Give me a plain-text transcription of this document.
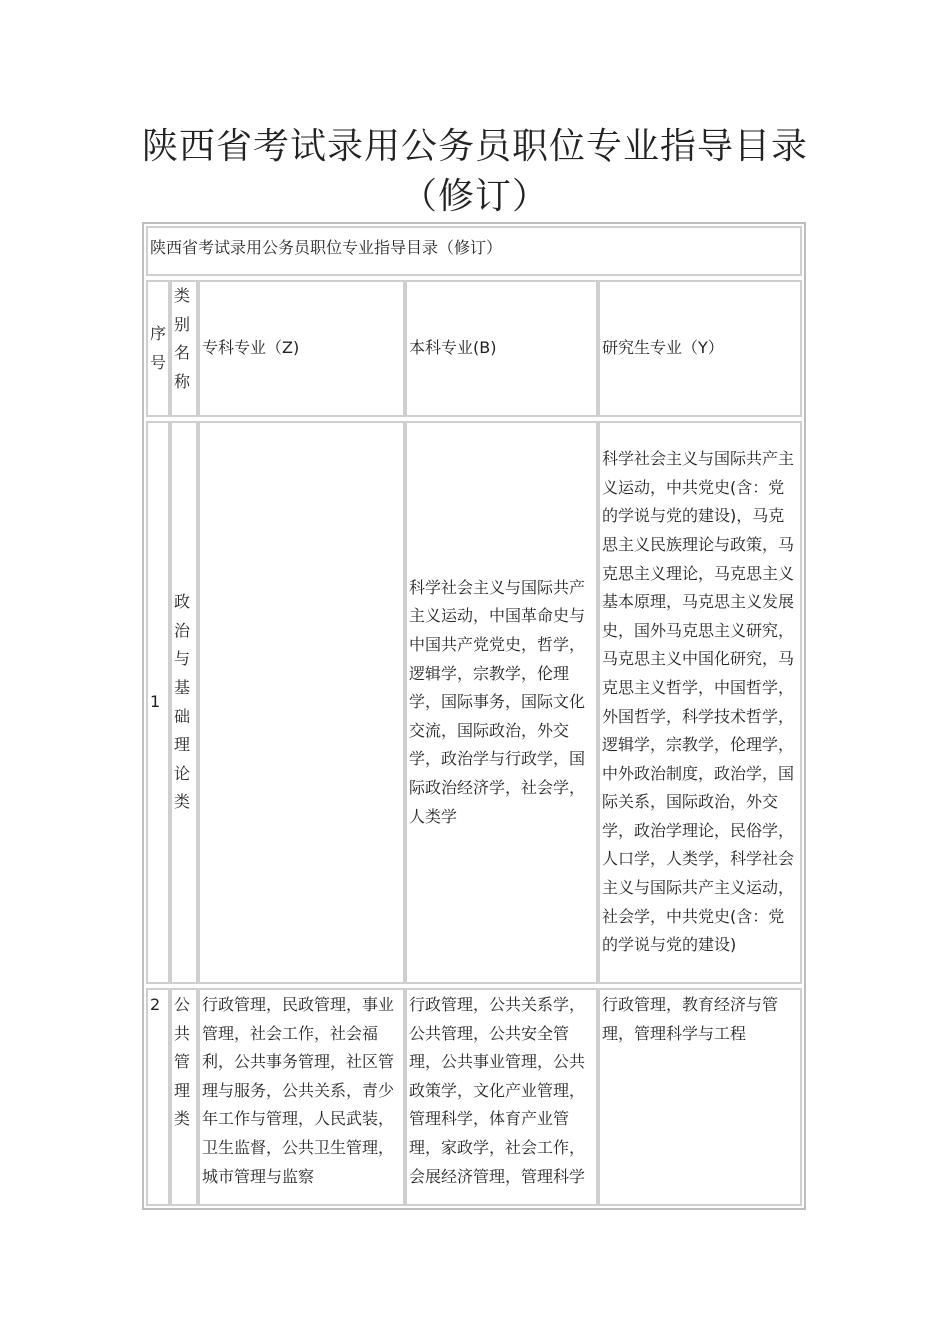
陕西省考试录用公务员职位专业指导目录
（修订）
陕西省考试录用公务员职位专业指导目录（修订）
序号
类别名称
专科专业（Z)	本科专业(B)	研究生专业（Y）
1
政治与基础理论类
科学社会主义与国际共产主义运动，中国革命史与中国共产党党史，哲学，逻辑学，宗教学，伦理学，国际事务，国际文化交流，国际政治，外交学，政治学与行政学，国际政治经济学，社会学，人类学
科学社会主义与国际共产主义运动，中共党史(含：党的学说与党的建设)，马克思主义民族理论与政策，马克思主义理论，马克思主义基本原理，马克思主义发展史，国外马克思主义研究，马克思主义中国化研究，马克思主义哲学，中国哲学，外国哲学，科学技术哲学，逻辑学，宗教学，伦理学，中外政治制度，政治学，国际关系，国际政治，外交学，政治学理论，民俗学，人口学，人类学，科学社会主义与国际共产主义运动，社会学，中共党史(含：党的学说与党的建设)
2 公共管理类
行政管理，民政管理，事业管理，社会工作，社会福利，公共事务管理，社区管理与服务，公共关系，青少年工作与管理，人民武装，卫生监督，公共卫生管理，城市管理与监察
行政管理，公共关系学，公共管理，公共安全管理，公共事业管理，公共政策学，文化产业管理，管理科学，体育产业管理，家政学，社会工作，会展经济管理，管理科学
行政管理，教育经济与管理，管理科学与工程
